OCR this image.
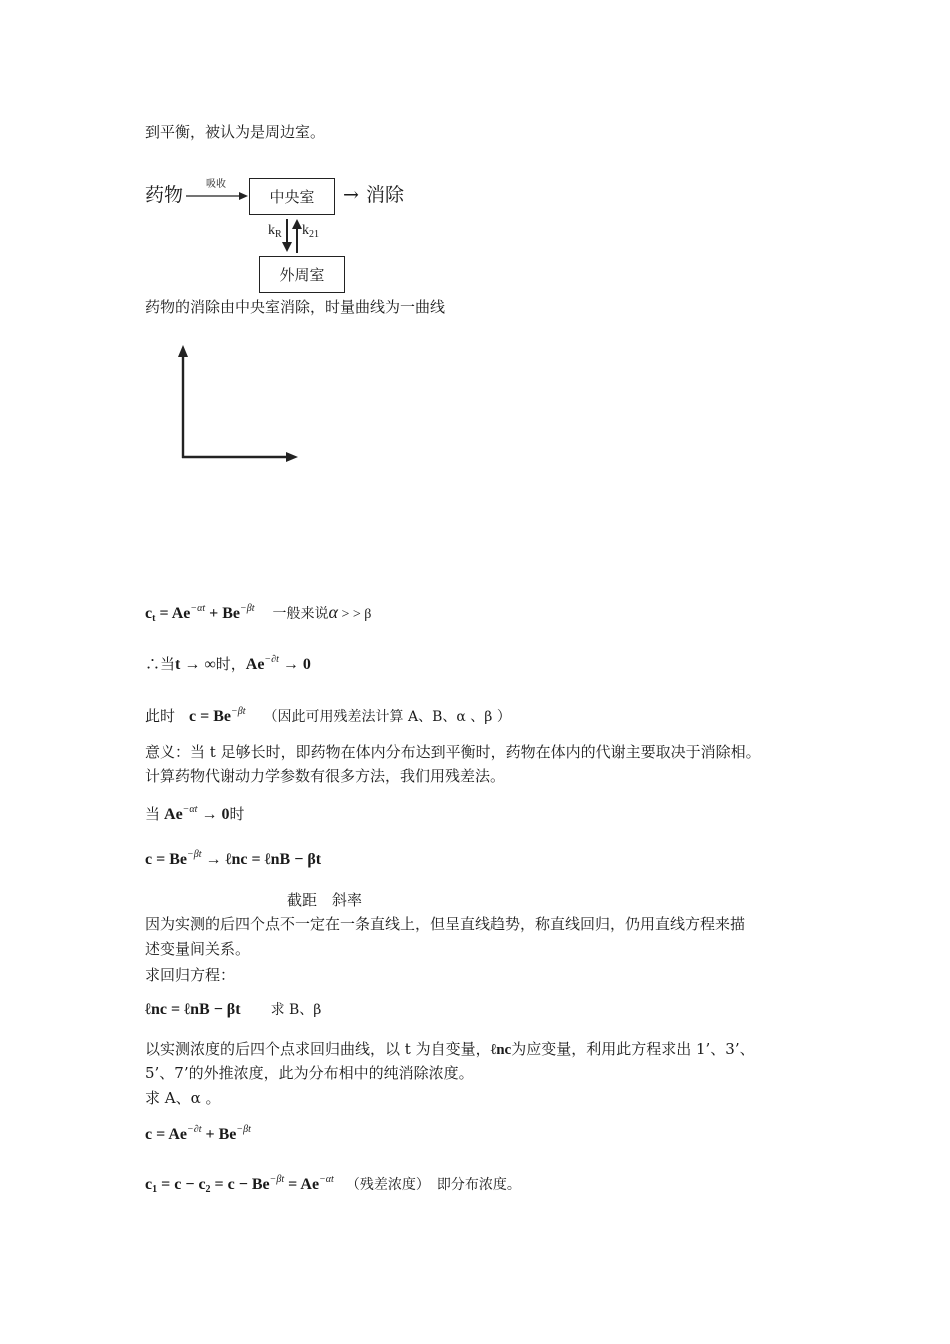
到平衡，被认为是周边室。
药物 吸收
中央室 → 消除
$k_R$ $k_{21}$
外周室
药物的消除由中央室消除，时量曲线为一曲线
$c_t = Ae^{-\alpha t} + Be^{-\beta t}$ 一般来说α > > β
∴当t → ∞时，$Ae^{-\partial t} \to 0$
此时 $c = Be^{-\beta t}$ （因此可用残差法计算 A、B、α 、β ）
意义：当 t 足够长时，即药物在体内分布达到平衡时，药物在体内的代谢主要取决于消除相。
计算药物代谢动力学参数有很多方法，我们用残差法。
当 $Ae^{-\alpha t} \to 0$时
$c = Be^{-\beta t}$ → ℓnc = ℓnB − βt
截距　斜率
因为实测的后四个点不一定在一条直线上，但呈直线趋势，称直线回归，仍用直线方程来描
述变量间关系。
求回归方程：
ℓnc = ℓnB − βt 求 B、β
以实测浓度的后四个点求回归曲线，以 t 为自变量，ℓnc为应变量，利用此方程求出 1’、3’、
5’、7’的外推浓度，此为分布相中的纯消除浓度。
求 A、α 。
$c = Ae^{-\partial t} + Be^{-\beta t}$
$c_1 = c - c_2 = c - Be^{-\beta t} = Ae^{-\alpha t}$ （残差浓度）　即分布浓度。
